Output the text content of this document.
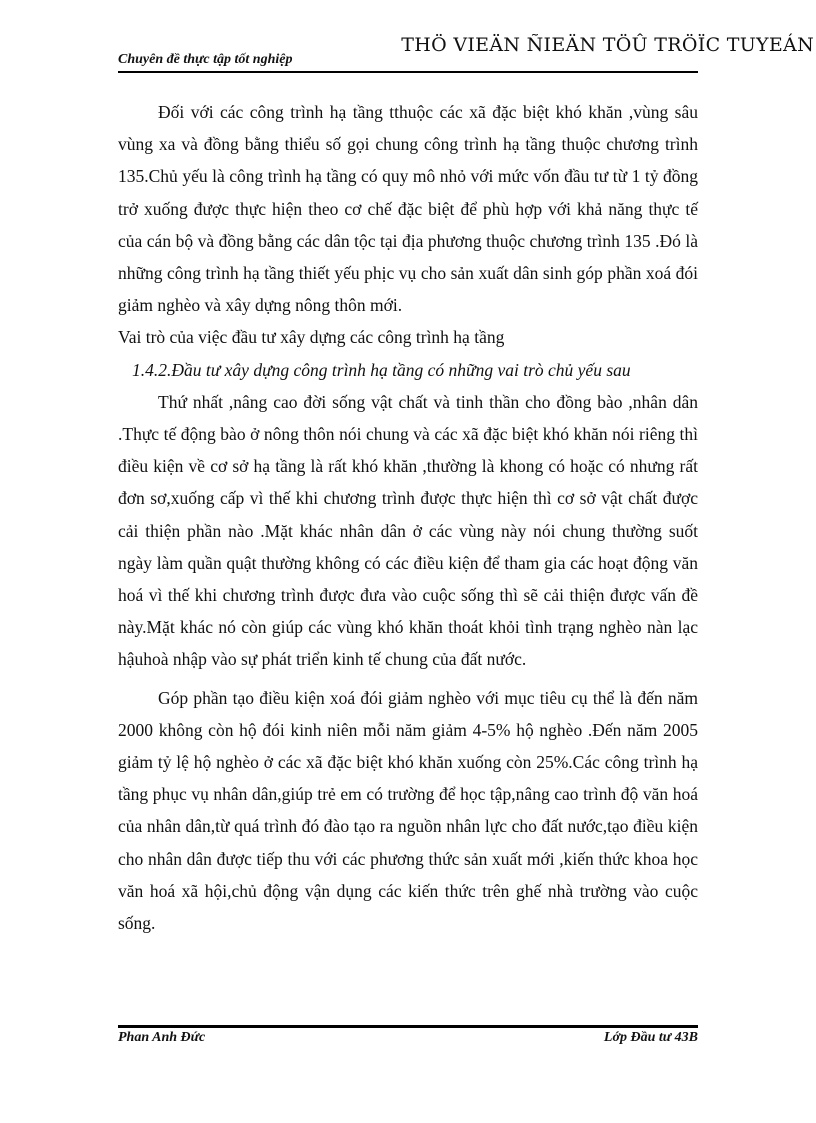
THÖ VIEÄN ÑIEÄN TÖÛ TRÖÏC TUYEÁN
Chuyên đề thực tập tốt nghiệp

Đối với các công trình hạ tầng tthuộc các xã đặc biệt khó khăn ,vùng sâu vùng xa và đồng bằng thiểu số gọi chung công trình hạ tầng thuộc chương trình 135.Chủ yếu là công trình hạ tầng có quy mô nhỏ với mức vốn đầu tư từ 1 tỷ đồng trở xuống được thực hiện theo cơ chế đặc biệt để phù hợp với khả năng thực tế của cán bộ và đồng bằng các dân tộc tại địa phương thuộc chương trình 135 .Đó là những công trình hạ tầng thiết yếu phịc vụ cho sản xuất dân sinh góp phần xoá đói giảm nghèo và xây dựng nông thôn mới.

Vai trò của việc đầu tư xây dựng các công trình hạ tầng

1.4.2.Đầu tư xây dựng công trình hạ tầng có những vai trò chủ yếu sau

Thứ nhất ,nâng cao đời sống vật chất và tinh thần cho đồng bào ,nhân dân .Thực tế động bào ở nông thôn nói chung và các xã đặc biệt khó khăn nói riêng thì điều kiện về cơ sở hạ tầng là rất khó khăn ,thường là khong có hoặc có nhưng rất đơn sơ,xuống cấp vì thế khi chương trình được thực hiện thì cơ sở vật chất được cải thiện phần nào .Mặt khác nhân dân ở các vùng này nói chung thường suốt ngày làm quần quật thường không có các điều kiện để tham gia các hoạt động văn hoá vì thế khi chương trình được đưa vào cuộc sống thì sẽ cải thiện được vấn đề này.Mặt khác nó còn giúp các vùng khó khăn thoát khỏi tình trạng nghèo nàn lạc hậuhoà nhập vào sự phát triển kinh tế chung của đất nước.

Góp phần tạo điều kiện xoá đói giảm nghèo với mục tiêu cụ thể là đến năm 2000 không còn hộ đói kinh niên mỗi năm giảm 4-5% hộ nghèo .Đến năm 2005 giảm tỷ lệ hộ nghèo ở các xã đặc biệt khó khăn xuống còn 25%.Các công trình hạ tầng phục vụ nhân dân,giúp trẻ em có trường để học tập,nâng cao trình độ văn hoá của nhân dân,từ quá trình đó đào tạo ra nguồn nhân lực cho đất nước,tạo điều kiện cho nhân dân được tiếp thu với các phương thức sản xuất mới ,kiến thức khoa học văn hoá xã hội,chủ động vận dụng các kiến thức trên ghế nhà trường vào cuộc sống.

Phan Anh Đức	Lớp Đầu tư 43B
